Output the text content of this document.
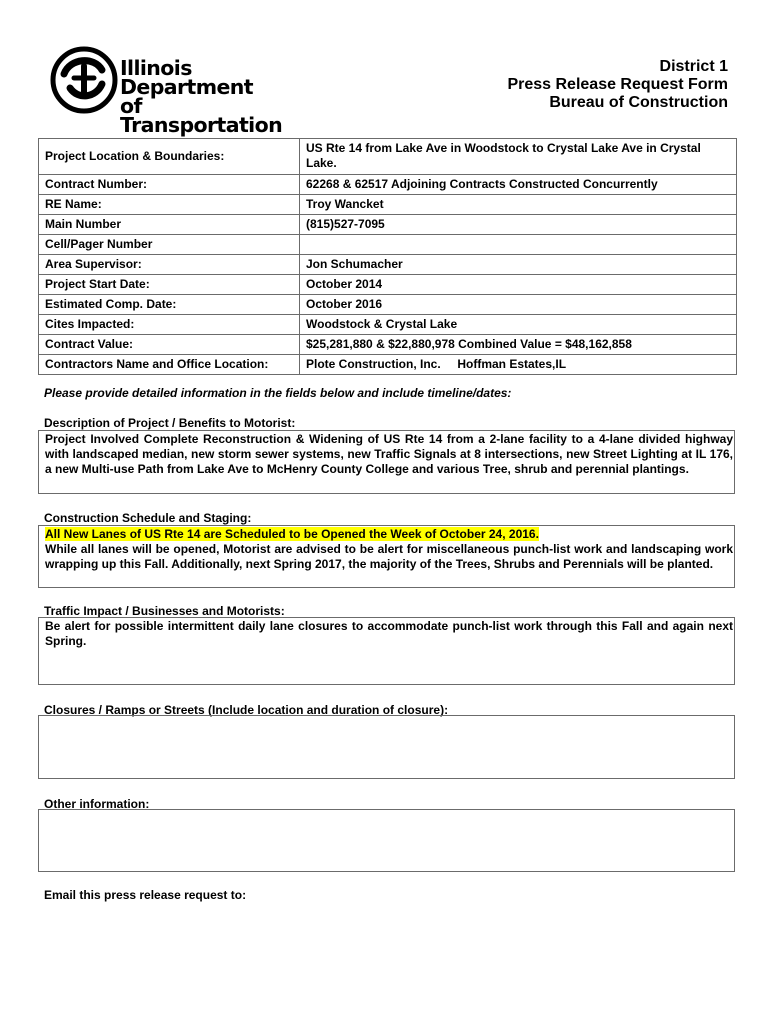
Illinois Department
of Transportation
District 1
Press Release Request Form
Bureau of Construction
Project Location & Boundaries:	US Rte 14 from Lake Ave in Woodstock to Crystal Lake Ave in Crystal Lake.
Contract Number:	62268 & 62517 Adjoining Contracts Constructed Concurrently
RE Name:	Troy Wancket
Main Number	(815)527-7095
Cell/Pager Number	
Area Supervisor:	Jon Schumacher
Project Start Date:	October 2014
Estimated Comp. Date:	October 2016
Cites Impacted:	Woodstock & Crystal Lake
Contract Value:	$25,281,880 & $22,880,978 Combined Value = $48,162,858
Contractors Name and Office Location:	Plote Construction, Inc.     Hoffman Estates,IL
Please provide detailed information in the fields below and include timeline/dates:
Description of Project / Benefits to Motorist:

Project Involved Complete Reconstruction & Widening of US Rte 14 from a 2-lane facility to a 4-lane divided highway with landscaped median, new storm sewer systems, new Traffic Signals at 8 intersections, new Street Lighting at IL 176, a new Multi-use Path from Lake Ave to McHenry County College and various Tree, shrub and perennial plantings.

Construction Schedule and Staging:

All New Lanes of US Rte 14 are Scheduled to be Opened the Week of October 24, 2016.

While all lanes will be opened, Motorist are advised to be alert for miscellaneous punch-list work and landscaping work wrapping up this Fall. Additionally, next Spring 2017, the majority of the Trees, Shrubs and Perennials will be planted.

Traffic Impact / Businesses and Motorists:

Be alert for possible intermittent daily lane closures to accommodate punch-list work through this Fall and again next Spring.

Closures / Ramps or Streets (Include location and duration of closure):

Other information:

Email this press release request to:
